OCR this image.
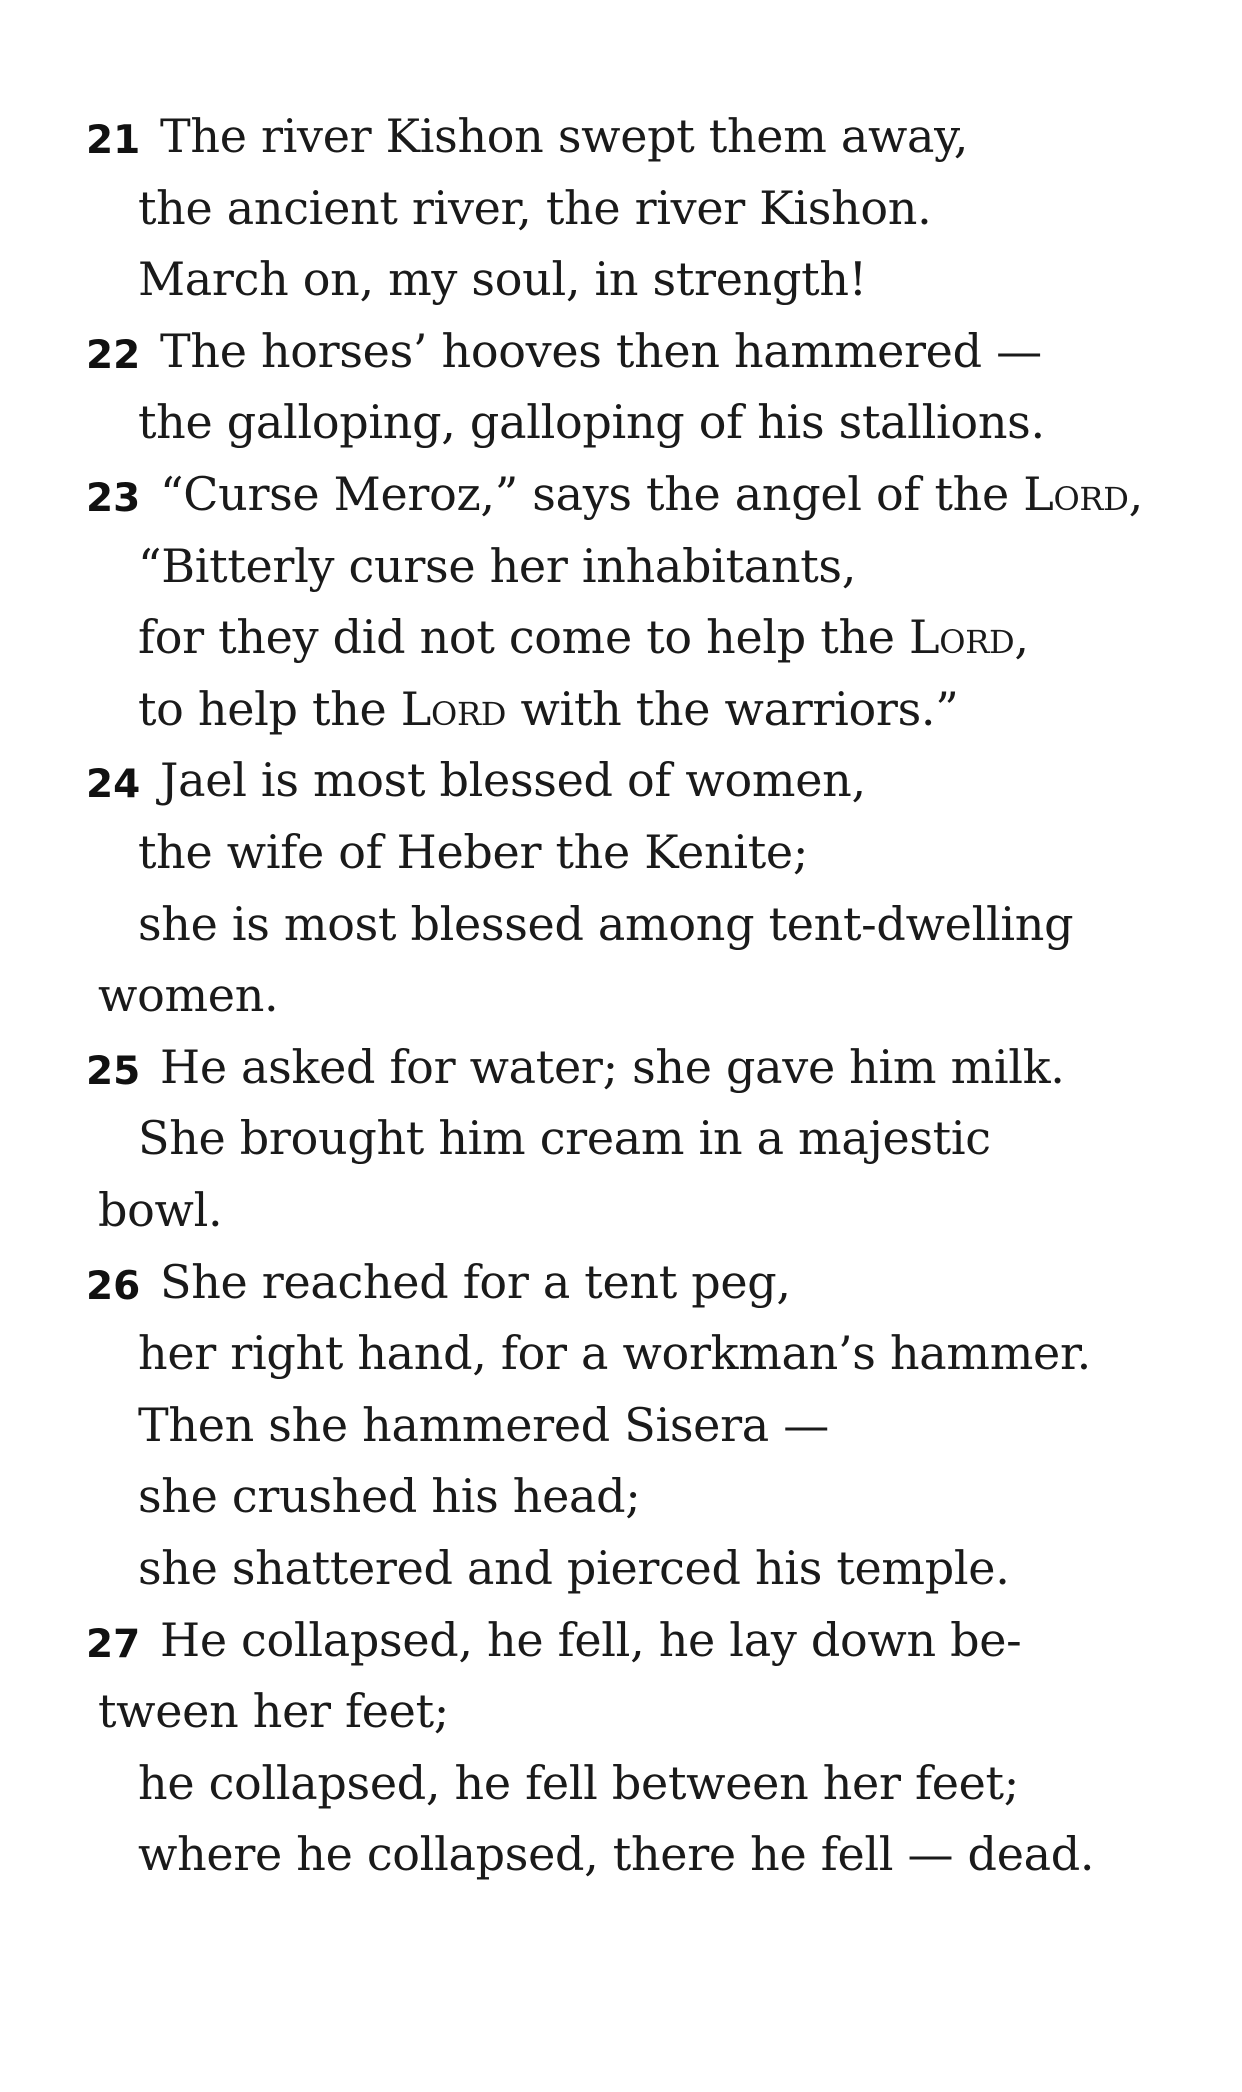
21 The river Kishon swept them away,
the ancient river, the river Kishon.
March on, my soul, in strength!
22 The horses’ hooves then hammered —
the galloping, galloping of his stallions.
23 “Curse Meroz,” says the angel of the Lord,
“Bitterly curse her inhabitants,
for they did not come to help the Lord,
to help the Lord with the warriors.”
24 Jael is most blessed of women,
the wife of Heber the Kenite;
she is most blessed among tent-dwelling
women.
25 He asked for water; she gave him milk.
She brought him cream in a majestic
bowl.
26 She reached for a tent peg,
her right hand, for a workman’s hammer.
Then she hammered Sisera —
she crushed his head;
she shattered and pierced his temple.
27 He collapsed, he fell, he lay down be-
tween her feet;
he collapsed, he fell between her feet;
where he collapsed, there he fell — dead.
